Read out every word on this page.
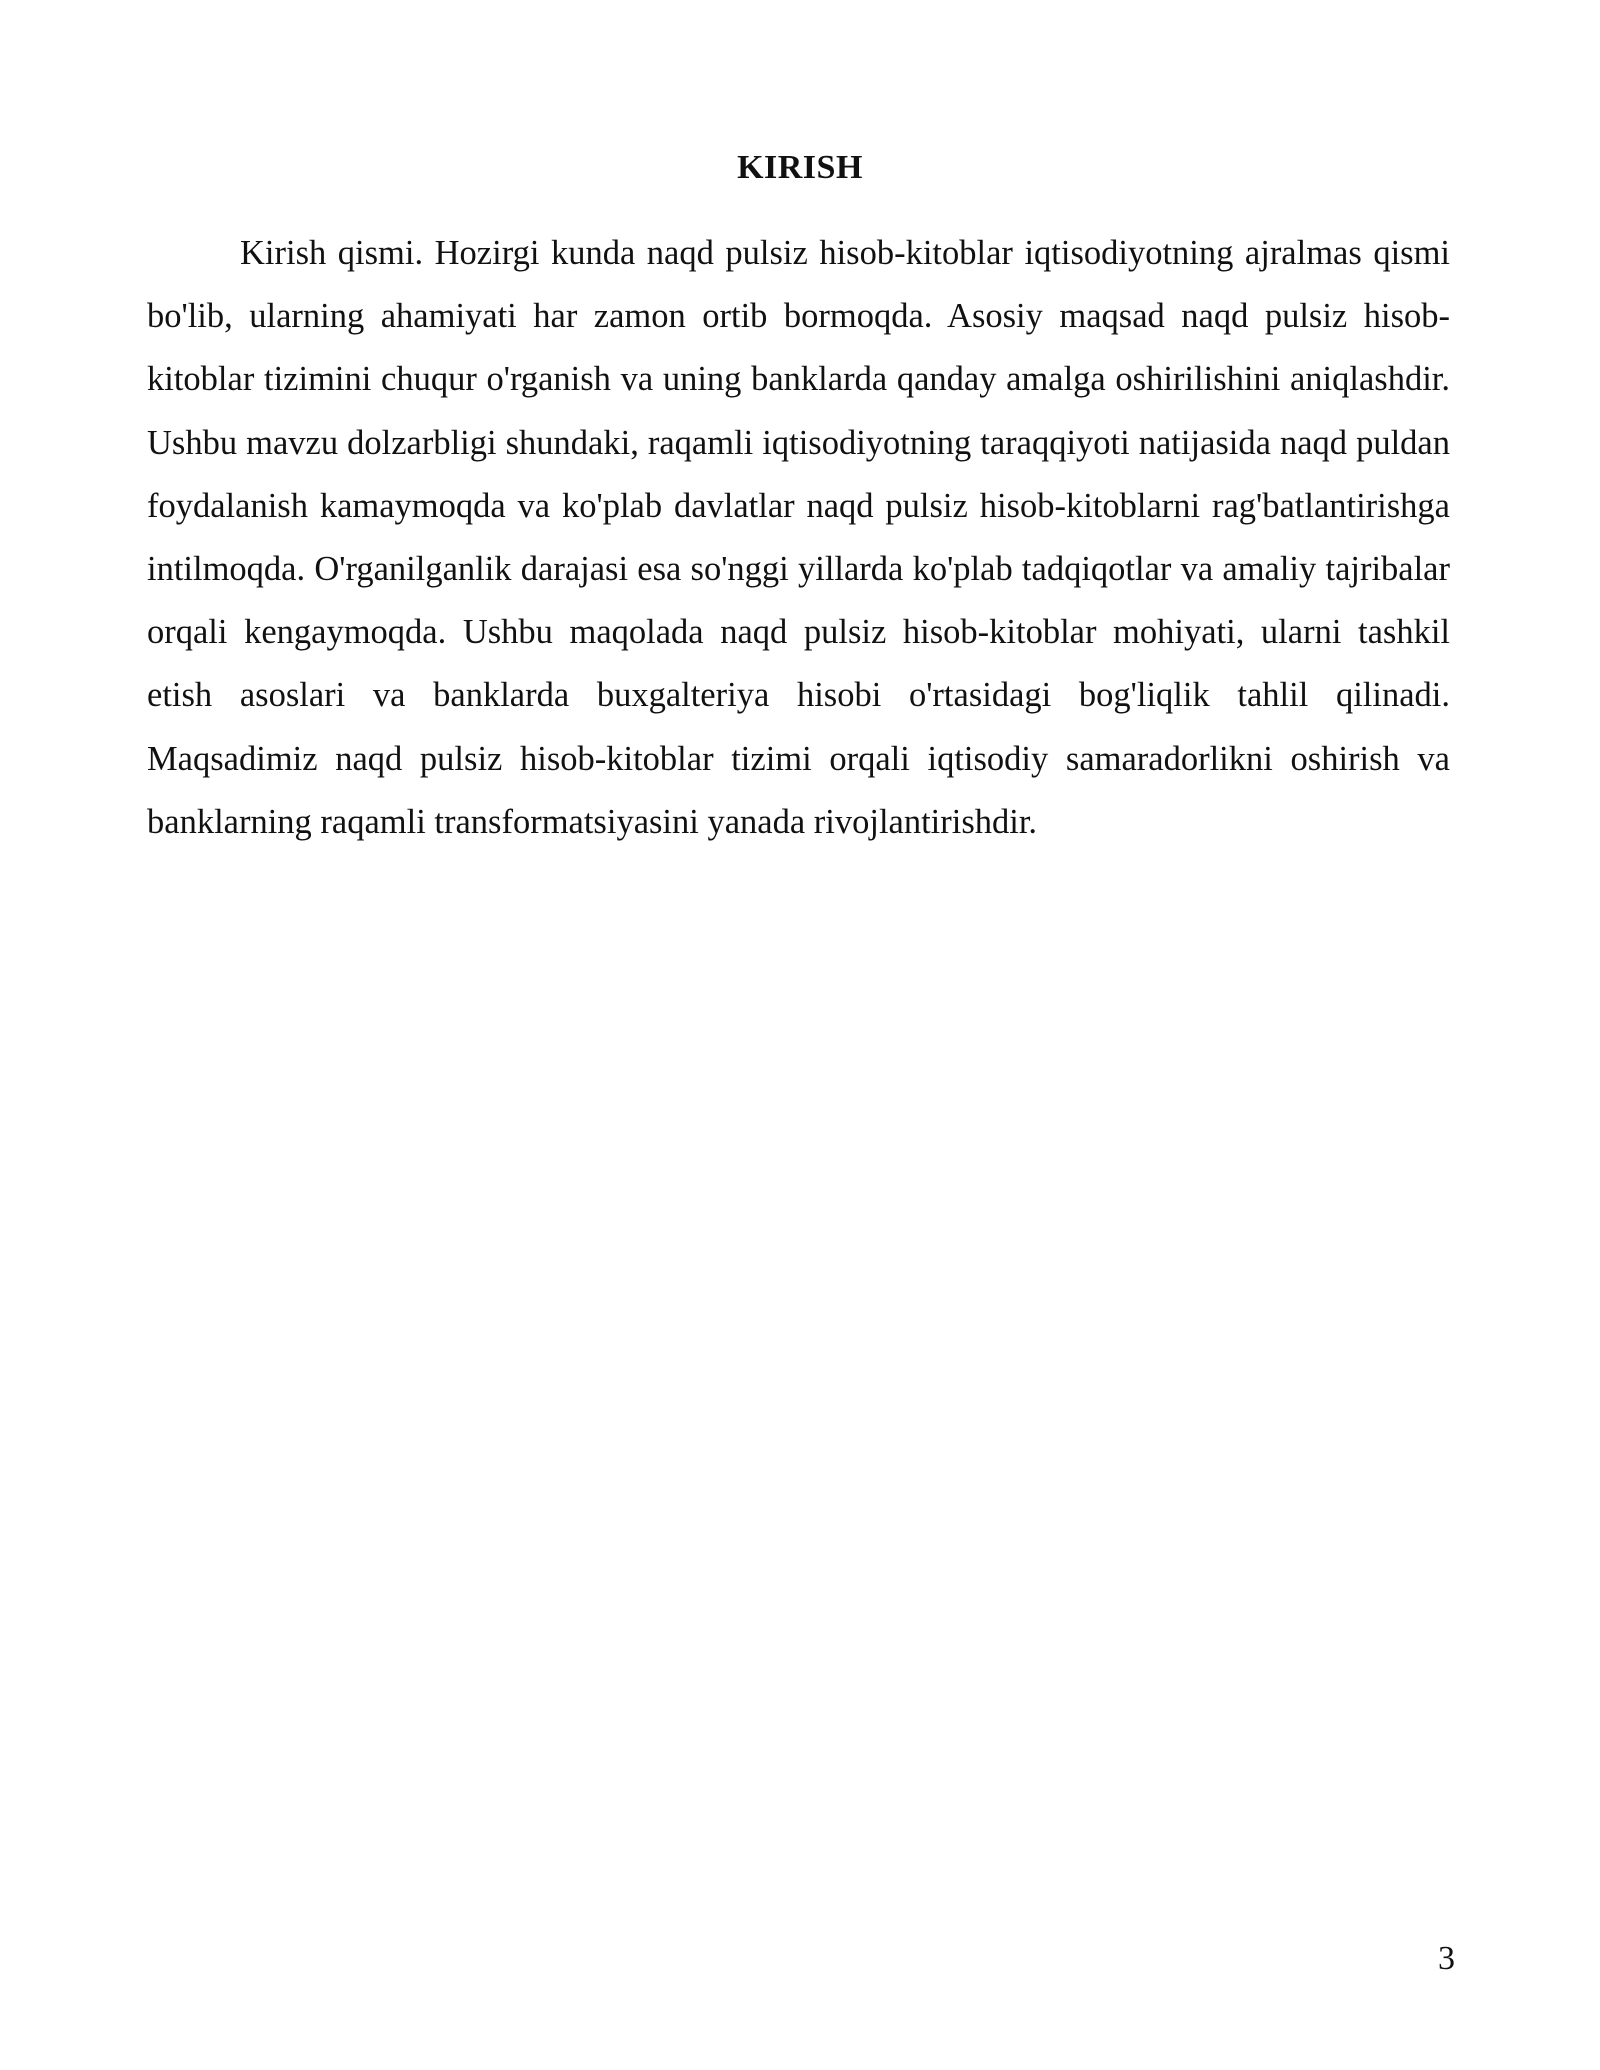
KIRISH

Kirish qismi. Hozirgi kunda naqd pulsiz hisob-kitoblar iqtisodiyotning ajralmas qismi bo'lib, ularning ahamiyati har zamon ortib bormoqda. Asosiy maqsad naqd pulsiz hisob-kitoblar tizimini chuqur o'rganish va uning banklarda qanday amalga oshirilishini aniqlashdir. Ushbu mavzu dolzarbligi shundaki, raqamli iqtisodiyotning taraqqiyoti natijasida naqd puldan foydalanish kamaymoqda va ko'plab davlatlar naqd pulsiz hisob-kitoblarni rag'batlantirishga intilmoqda. O'rganilganlik darajasi esa so'nggi yillarda ko'plab tadqiqotlar va amaliy tajribalar orqali kengaymoqda. Ushbu maqolada naqd pulsiz hisob-kitoblar mohiyati, ularni tashkil etish asoslari va banklarda buxgalteriya hisobi o'rtasidagi bog'liqlik tahlil qilinadi. Maqsadimiz naqd pulsiz hisob-kitoblar tizimi orqali iqtisodiy samaradorlikni oshirish va banklarning raqamli transformatsiyasini yanada rivojlantirishdir.

3
